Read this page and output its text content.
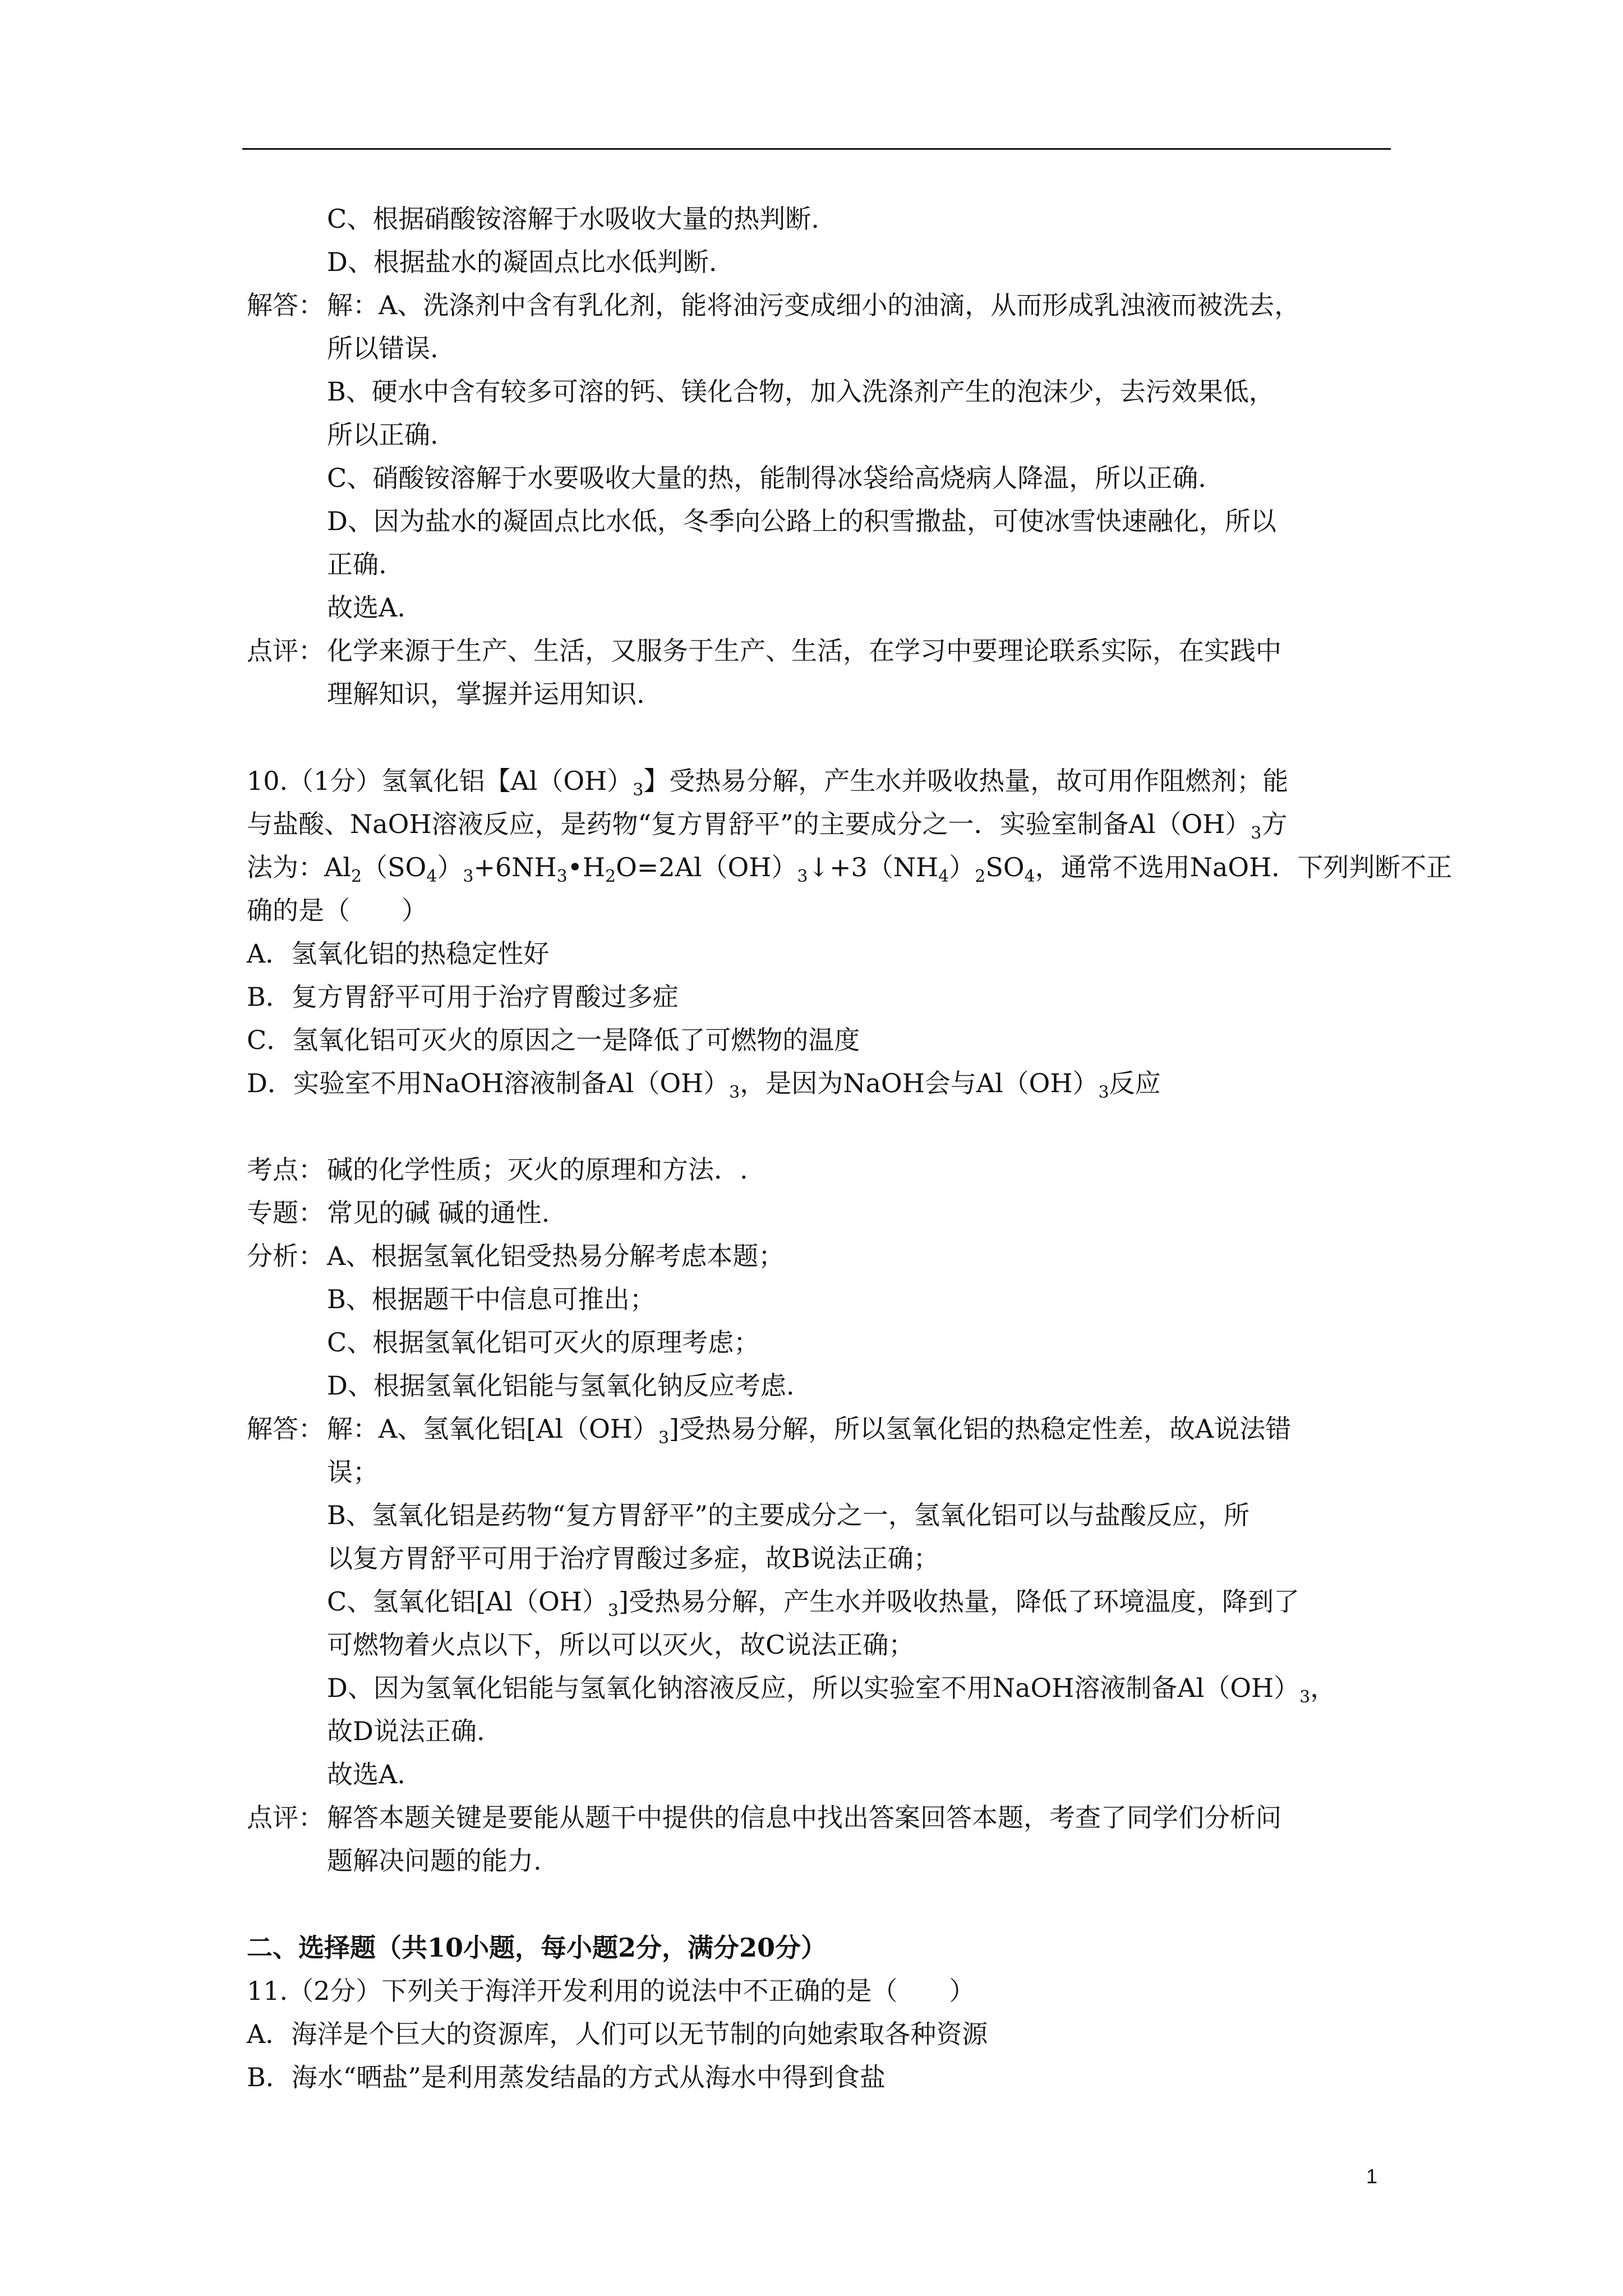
C、根据硝酸铵溶解于水吸收大量的热判断.
D、根据盐水的凝固点比水低判断.
解答： 解：A、洗涤剂中含有乳化剂，能将油污变成细小的油滴，从而形成乳浊液而被洗去，
所以错误.
B、硬水中含有较多可溶的钙、镁化合物，加入洗涤剂产生的泡沫少，去污效果低，
所以正确.
C、硝酸铵溶解于水要吸收大量的热，能制得冰袋给高烧病人降温，所以正确.
D、因为盐水的凝固点比水低，冬季向公路上的积雪撒盐，可使冰雪快速融化，所以
正确.
故选A.
点评： 化学来源于生产、生活，又服务于生产、生活，在学习中要理论联系实际，在实践中
理解知识，掌握并运用知识.
10.（1分）氢氧化铝【$Al(OH)_3$】受热易分解，产生水并吸收热量，故可用作阻燃剂；能
与盐酸、NaOH溶液反应，是药物“复方胃舒平”的主要成分之一．实验室制备$Al(OH)_3$方
法为：$Al_2(SO_4)_3+6NH_3•H_2O=2Al(OH)_3↓+3(NH_4)_2SO_4$，通常不选用NaOH．下列判断不正
确的是（　　）
A．氢氧化铝的热稳定性好
B．复方胃舒平可用于治疗胃酸过多症
C．氢氧化铝可灭火的原因之一是降低了可燃物的温度
D．实验室不用NaOH溶液制备$Al(OH)_3$，是因为NaOH会与$Al(OH)_3$反应
考点： 碱的化学性质；灭火的原理和方法．.
专题： 常见的碱 碱的通性.
分析： A、根据氢氧化铝受热易分解考虑本题；
B、根据题干中信息可推出；
C、根据氢氧化铝可灭火的原理考虑；
D、根据氢氧化铝能与氢氧化钠反应考虑.
解答： 解：A、氢氧化铝$[Al(OH)_3]$受热易分解，所以氢氧化铝的热稳定性差，故A说法错
误；
B、氢氧化铝是药物“复方胃舒平”的主要成分之一，氢氧化铝可以与盐酸反应，所
以复方胃舒平可用于治疗胃酸过多症，故B说法正确；
C、氢氧化铝$[Al(OH)_3]$受热易分解，产生水并吸收热量，降低了环境温度，降到了
可燃物着火点以下，所以可以灭火，故C说法正确；
D、因为氢氧化铝能与氢氧化钠溶液反应，所以实验室不用NaOH溶液制备$Al(OH)_3$，
故D说法正确.
故选A.
点评： 解答本题关键是要能从题干中提供的信息中找出答案回答本题，考查了同学们分析问
题解决问题的能力.
二、选择题（共10小题，每小题2分，满分20分）
11.（2分）下列关于海洋开发利用的说法中不正确的是（　　）
A．海洋是个巨大的资源库，人们可以无节制的向她索取各种资源
B．海水“晒盐”是利用蒸发结晶的方式从海水中得到食盐
1
